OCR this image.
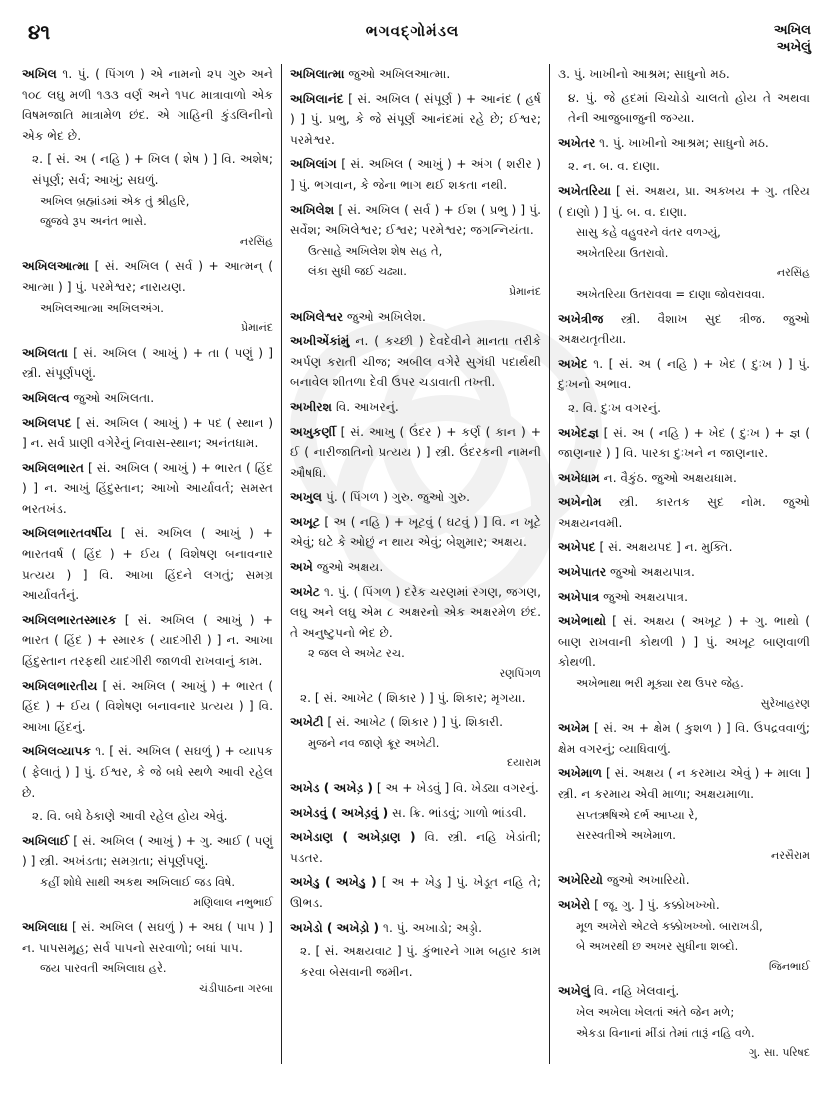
૪૧	ભગવદ્ગોમંડલ	અખિલ
અખેલું
અખિલ ૧. પું. ( પિંગળ ) એ નામનો ૨૫ ગુરુ અને ૧૦૮ લઘુ મળી ૧૩૩ વર્ણ અને ૧૫૮ માત્રાવાળો એક વિષમજાતિ માત્રામેળ છંદ. એ ગાહિની કુંડલિનીનો એક ભેદ છે.
૨. [ સં. અ ( નહિ ) + ખિલ ( શેષ ) ] વિ. અશેષ; સંપૂર્ણ; સર્વ; આખું; સઘળું.
અખિલ બ્રહ્માંડમાં એક તું શ્રીહરિ,
જુજવે રૂપ અનંત ભાસે.
નરસિંહ
અખિલઆત્મા [ સં. અખિલ ( સર્વ ) + આત્મન્ ( આત્મા ) ] પું. પરમેશ્વર; નારાયણ.
અખિલઆત્મા અખિલઅંગ.
પ્રેમાનંદ
અખિલતા [ સં. અખિલ ( આખું ) + તા ( પણું ) ] સ્ત્રી. સંપૂર્ણપણું.
અખિલત્વ જુઓ અખિલતા.
અખિલપદ [ સં. અખિલ ( આખું ) + પદ ( સ્થાન ) ] ન. સર્વ પ્રાણી વગેરેનું નિવાસ-સ્થાન; અનંતધામ.
અખિલભારત [ સં. અખિલ ( આખું ) + ભારત ( હિંદ ) ] ન. આખું હિંદુસ્તાન; આખો આર્યાવર્ત; સમસ્ત ભરતખંડ.
અખિલભારતવર્ષીય [ સં. અખિલ ( આખું ) + ભારતવર્ષ ( હિંદ ) + ઈય ( વિશેષણ બનાવનાર પ્રત્યય ) ] વિ. આખા હિંદને લગતું; સમગ્ર આર્યાવર્તનું.
અખિલભારતસ્મારક [ સં. અખિલ ( આખું ) + ભારત ( હિંદ ) + સ્મારક ( યાદગીરી ) ] ન. આખા હિંદુસ્તાન તરફથી યાદગીરી જાળવી રાખવાનું કામ.
અખિલભારતીય [ સં. અખિલ ( આખું ) + ભારત ( હિંદ ) + ઈય ( વિશેષણ બનાવનાર પ્રત્યય ) ] વિ. આખા હિંદનું.
અખિલવ્યાપક ૧. [ સં. અખિલ ( સઘળું ) + વ્યાપક ( ફેલાતું ) ] પું. ઈશ્વર, કે જે બધે સ્થળે આવી રહેલ છે.
૨. વિ. બધે ઠેકાણે આવી રહેલ હોય એવું.
અખિલાઈ [ સં. અખિલ ( આખું ) + ગુ. આઈ ( પણું ) ] સ્ત્રી. અખંડતા; સમગ્રતા; સંપૂર્ણપણું.
કહીં શોધે સાથી અકથ અખિલાઈ જડ વિષે.
મણિલાલ નભુભાઈ
અખિલાઘ [ સં. અખિલ ( સઘળું ) + અઘ ( પાપ ) ] ન. પાપસમૂહ; સર્વ પાપનો સરવાળો; બધાં પાપ.
જય પારવતી અખિલાઘ હરે.
ચંડીપાઠના ગરબા
અખિલાત્મા જુઓ અખિલઆત્મા.
અખિલાનંદ [ સં. અખિલ ( સંપૂર્ણ ) + આનંદ ( હર્ષ ) ] પું. પ્રભુ, કે જે સંપૂર્ણ આનંદમાં રહે છે; ઈશ્વર; પરમેશ્વર.
અખિલાંગ [ સં. અખિલ ( આખું ) + અંગ ( શરીર ) ] પું. ભગવાન, કે જેના ભાગ થઈ શકતા નથી.
અખિલેશ [ સં. અખિલ ( સર્વ ) + ઈશ ( પ્રભુ ) ] પું. સર્વેશ; અખિલેશ્વર; ઈશ્વર; પરમેશ્વર; જગન્નિયંતા.
ઉત્સાહે અખિલેશ શેષ સહ તે,
લંકા સુધી જઈ ચઢ્યા.
પ્રેમાનંદ
અખિલેશ્વર જુઓ અખિલેશ.
અખીએંકાંમું ન. ( કચ્છી ) દેવદેવીને માનતા તરીકે અર્પણ કરાતી ચીજ; અબીલ વગેરે સુગંધી પદાર્થથી બનાવેલ શીતળા દેવી ઉપર ચડાવાતી તખ્તી.
અખીરશ વિ. આખરનું.
અખુકર્ણી [ સં. આખુ ( ઉંદર ) + કર્ણ ( કાન ) + ઈ ( નારીજાતિનો પ્રત્યય ) ] સ્ત્રી. ઉંદરકની નામની ઔષધિ.
અખુલ પું. ( પિંગળ ) ગુરુ. જુઓ ગુરુ.
અખૂટ [ અ ( નહિ ) + ખૂટવું ( ઘટવું ) ] વિ. ન ખૂટે એવું; ઘટે કે ઓછું ન થાય એવું; બેશુમાર; અક્ષય.
અખે જુઓ અક્ષય.
અખેટ ૧. પું. ( પિંગળ ) દરેક ચરણમાં રગણ, જગણ, લઘુ અને લઘુ એમ ૮ અક્ષરનો એક અક્ષરમેળ છંદ. તે અનુષ્ટુપનો ભેદ છે.
૨ જલ લે અખેટ રચ.
રણપિંગળ
૨. [ સં. આખેટ ( શિકાર ) ] પું. શિકાર; મૃગયા.
અખેટી [ સં. આખેટ ( શિકાર ) ] પું. શિકારી.
મુજને નવ જાણે ક્રૂર અખેટી.
દયારામ
અખેડ ( અખેડ઼ ) [ અ + ખેડવું ] વિ. ખેડ્યા વગરનું.
અખેડવું ( અખેડ઼વું ) સ. ક્રિ. ભાંડવું; ગાળો ભાંડવી.
અખેડાણ ( અખેડ઼ાણ ) વિ. સ્ત્રી. નહિ ખેડાંતી; પડતર.
અખેડુ ( અખેડ઼ુ ) [ અ + ખેડુ ] પું. ખેડૂત નહિ તે; ઊભડ.
અખેડો ( અખેડ઼ો ) ૧. પું. અખાડો; અડ્ડો.
૨. [ સં. અક્ષયવાટ ] પું. કુંભારને ગામ બહાર કામ કરવા બેસવાની જમીન.
૩. પું. ખાખીનો આશ્રમ; સાધુનો મઠ.
૪. પું. જે હદમાં ચિચોડો ચાલતો હોય તે અથવા તેની આજુબાજુની જગ્યા.
અખેતર ૧. પું. ખાખીનો આશ્રમ; સાધુનો મઠ.
૨. ન. બ. વ. દાણા.
અખેતરિયા [ સં. અક્ષય, પ્રા. અક્ખય + ગુ. તરિય ( દાણો ) ] પું. બ. વ. દાણા.
સાસુ કહે વહુવરને વંતર વળગ્યું,
અખેતરિયા ઉતરાવો.
નરસિંહ
અખેતરિયા ઉતરાવવા = દાણા જોવરાવવા.
અખેત્રીજ સ્ત્રી. વૈશાખ સુદ ત્રીજ. જુઓ અક્ષયતૃતીયા.
અખેદ ૧. [ સં. અ ( નહિ ) + ખેદ ( દુઃખ ) ] પું. દુઃખનો અભાવ.
૨. વિ. દુઃખ વગરનું.
અખેદજ્ઞ [ સં. અ ( નહિ ) + ખેદ ( દુઃખ ) + જ્ઞ ( જાણનાર ) ] વિ. પારકા દુઃખને ન જાણનાર.
અખેધામ ન. વૈકુંઠ. જુઓ અક્ષયધામ.
અખેનોમ સ્ત્રી. કારતક સુદ નોમ. જુઓ અક્ષયનવમી.
અખેપદ [ સં. અક્ષયપદ ] ન. મુક્તિ.
અખેપાતર જુઓ અક્ષયપાત્ર.
અખેપાત્ર જુઓ અક્ષયપાત્ર.
અખેભાથો [ સં. અક્ષય ( અખૂટ ) + ગુ. ભાથો ( બાણ રાખવાની કોથળી ) ] પું. અખૂટ બાણવાળી કોથળી.
અખેભાથા ભરી મૂક્યા રથ ઉપર જેહ.
સુરેખાહરણ
અખેમ [ સં. અ + ક્ષેમ ( કુશળ ) ] વિ. ઉપદ્રવવાળું; ક્ષેમ વગરનું; વ્યાધિવાળું.
અખેમાળ [ સં. અક્ષય ( ન કરમાય એવું ) + માલા ] સ્ત્રી. ન કરમાય એવી માળા; અક્ષયમાળા.
સપ્તઋષિએ દર્ભ આપ્યા રે,
સરસ્વતીએ અખેમાળ.
નરસૈરામ
અખેરિયો જુઓ અખારિયો.
અખેરો [ જૂ. ગુ. ] પું. કક્કોખખ્ખો.
મૂળ અખેરો એટલે કક્કોખખ્ખો. બારાખડી,
બે અખરથી છ અખર સુધીના શબ્દો.
જિનભાઈ
અખેલું વિ. નહિ ખેલવાનું.
ખેલ અખેલા ખેલતાં અંતે જેન મળે;
એકડા વિનાનાં મીંડાં તેમાં તારૂં નહિ વળે.
ગુ. સા. પરિષદ
